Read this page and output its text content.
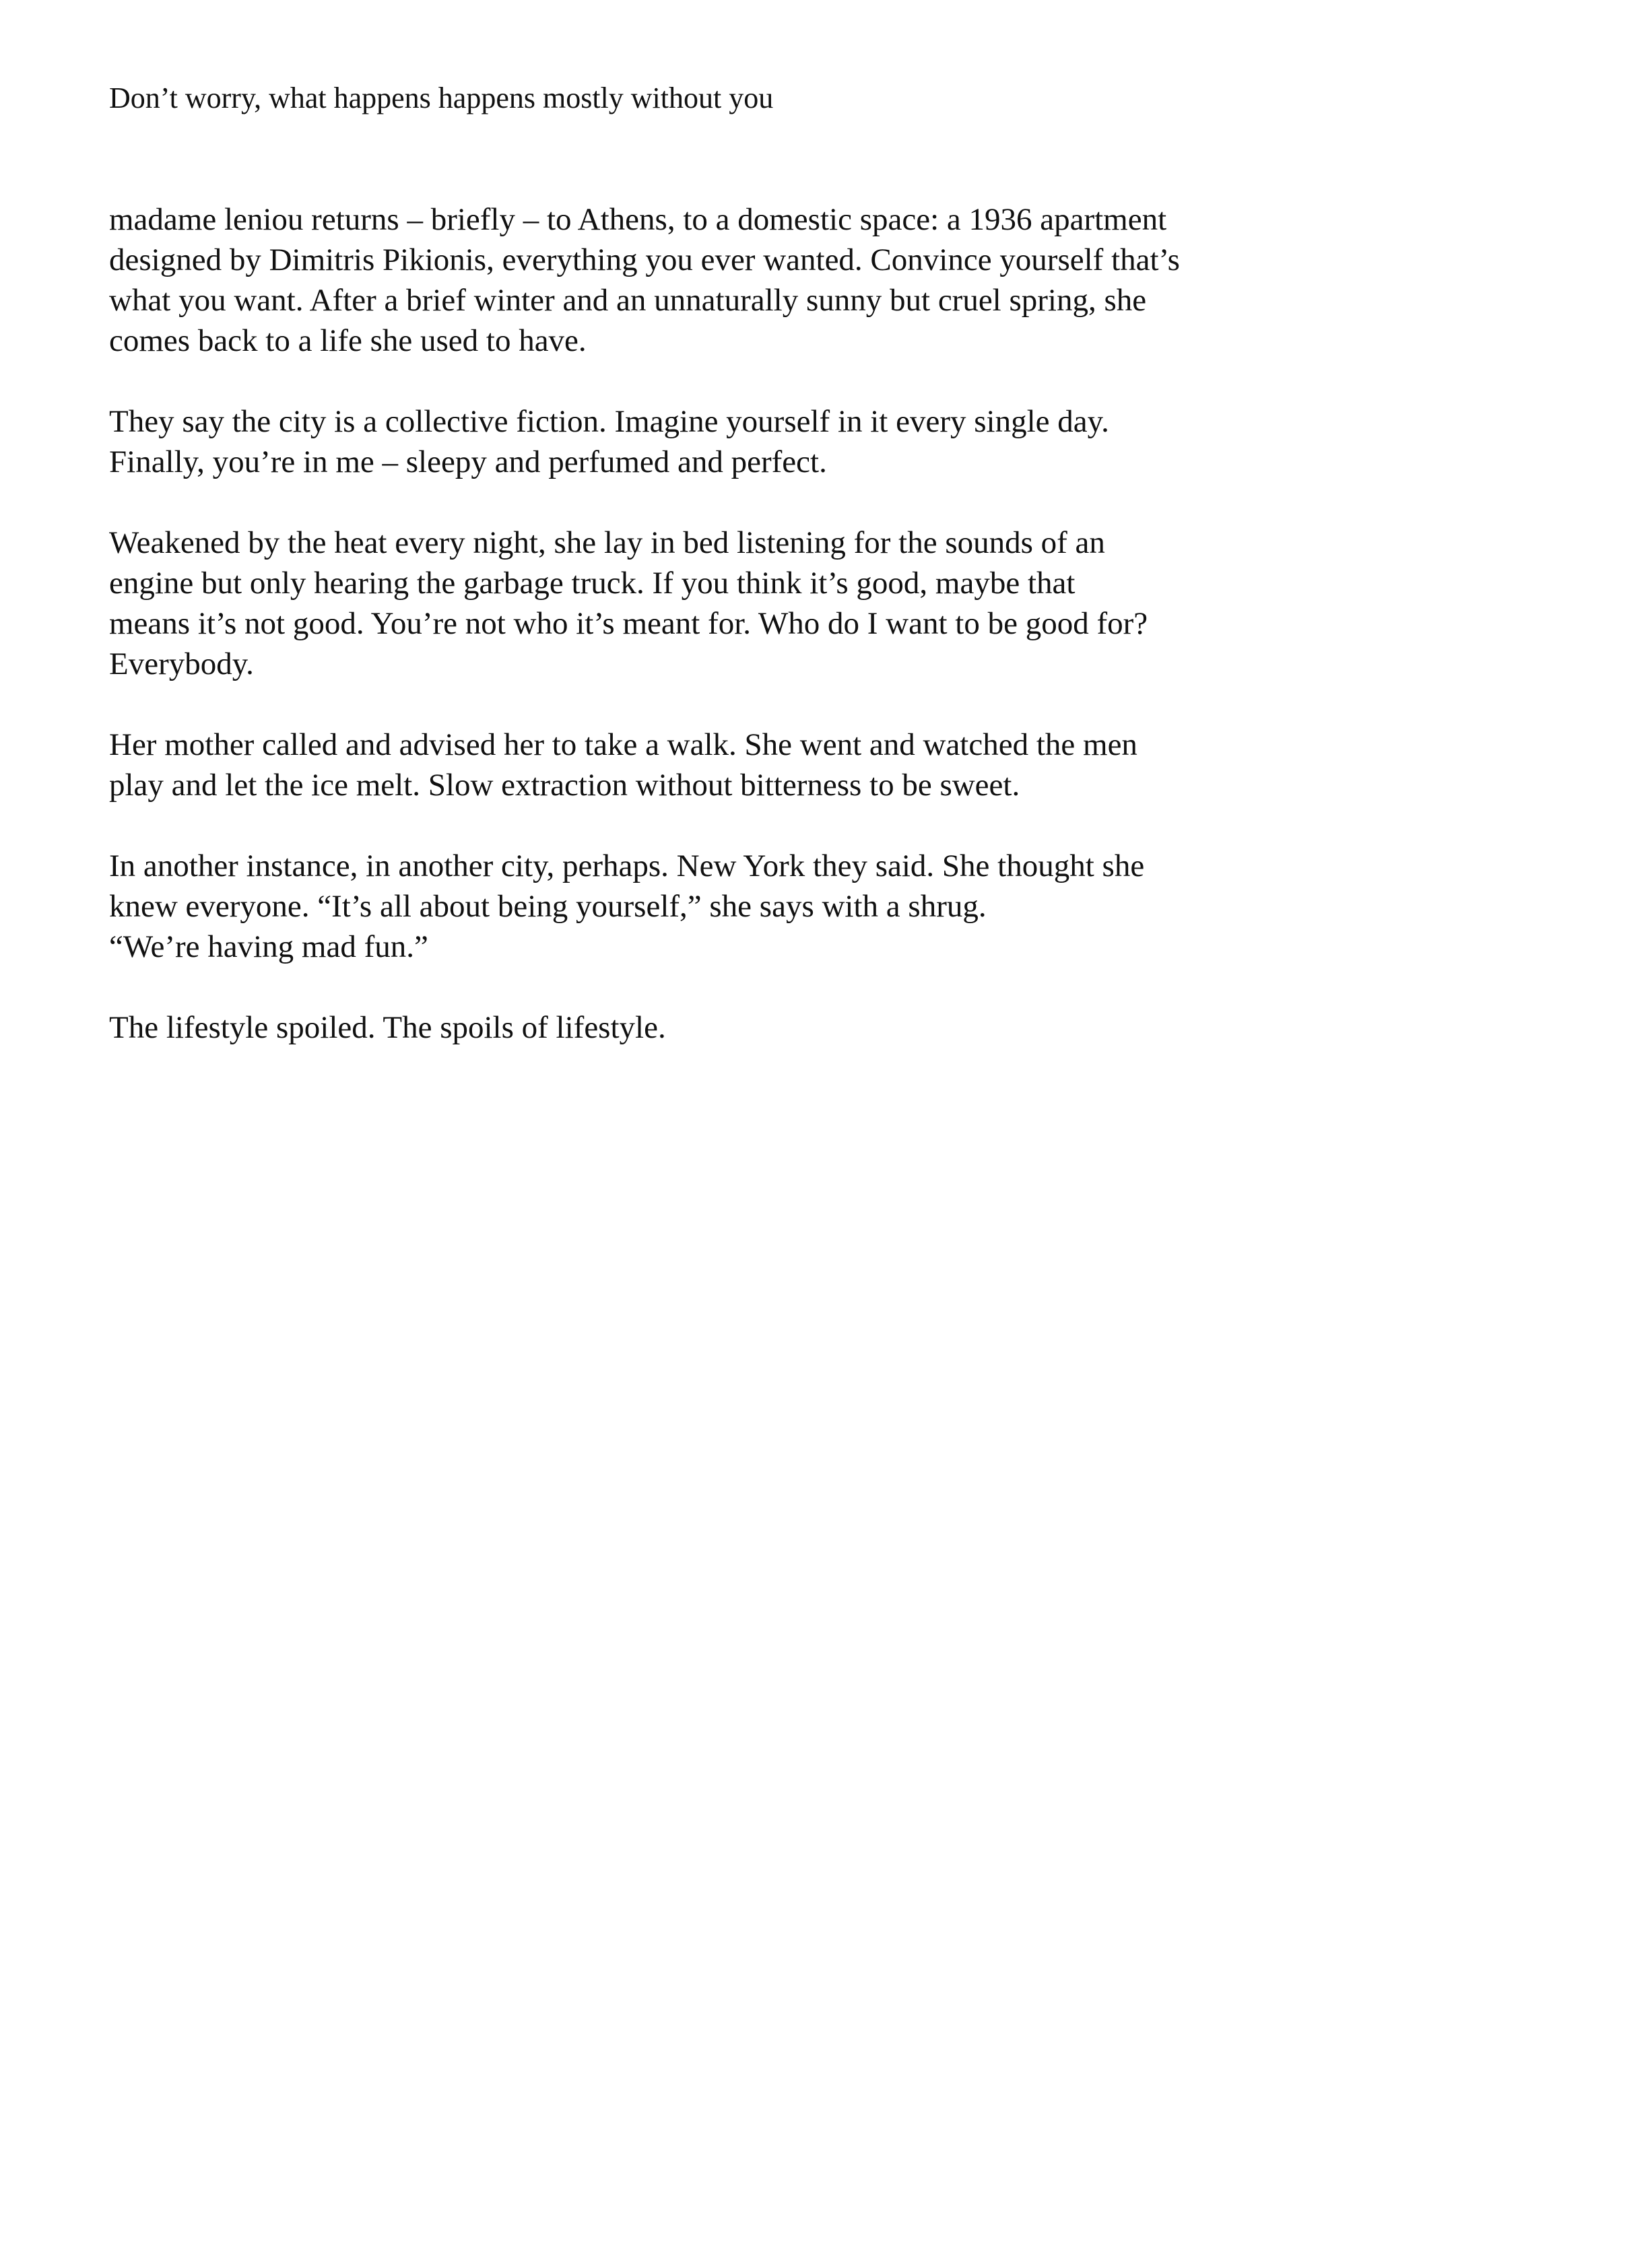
Don’t worry, what happens happens mostly without you

madame leniou returns – briefly – to Athens, to a domestic space: a 1936 apartment
designed by Dimitris Pikionis, everything you ever wanted. Convince yourself that’s
what you want. After a brief winter and an unnaturally sunny but cruel spring, she
comes back to a life she used to have.

They say the city is a collective fiction. Imagine yourself in it every single day.
Finally, you’re in me – sleepy and perfumed and perfect.

Weakened by the heat every night, she lay in bed listening for the sounds of an
engine but only hearing the garbage truck. If you think it’s good, maybe that
means it’s not good. You’re not who it’s meant for. Who do I want to be good for?
Everybody.

Her mother called and advised her to take a walk. She went and watched the men
play and let the ice melt. Slow extraction without bitterness to be sweet.

In another instance, in another city, perhaps. New York they said. She thought she
knew everyone. “It’s all about being yourself,” she says with a shrug.
“We’re having mad fun.”

The lifestyle spoiled. The spoils of lifestyle.
